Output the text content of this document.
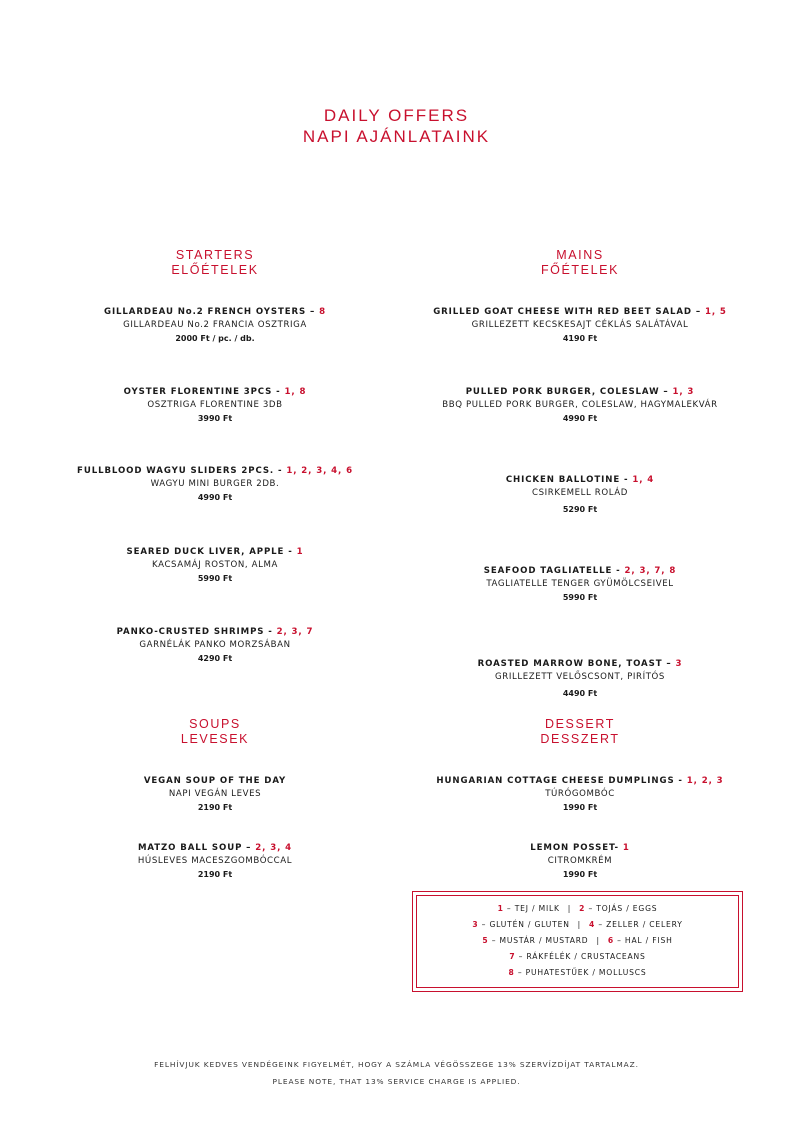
DAILY OFFERS
NAPI AJÁNLATAINK
STARTERS
ELŐÉTELEK
MAINS
FŐÉTELEK
SOUPS
LEVESEK
DESSERT
DESSZERT
GILLARDEAU No.2 FRENCH OYSTERS – 8
GILLARDEAU No.2 FRANCIA OSZTRIGA
2000 Ft / pc. / db.
OYSTER FLORENTINE 3PCS - 1, 8
OSZTRIGA FLORENTINE 3DB
3990 Ft
FULLBLOOD WAGYU SLIDERS 2PCS. - 1, 2, 3, 4, 6
WAGYU MINI BURGER 2DB.
4990 Ft
SEARED DUCK LIVER, APPLE - 1
KACSAMÁJ ROSTON, ALMA
5990 Ft
PANKO-CRUSTED SHRIMPS - 2, 3, 7
GARNÉLÁK PANKO MORZSÁBAN
4290 Ft
GRILLED GOAT CHEESE WITH RED BEET SALAD – 1, 5
GRILLEZETT KECSKESAJT CÉKLÁS SALÁTÁVAL
4190 Ft
PULLED PORK BURGER, COLESLAW – 1, 3
BBQ PULLED PORK BURGER, COLESLAW, HAGYMALEKVÁR
4990 Ft
CHICKEN BALLOTINE - 1, 4
CSIRKEMELL ROLÁD
5290 Ft
SEAFOOD TAGLIATELLE - 2, 3, 7, 8
TAGLIATELLE TENGER GYÜMÖLCSEIVEL
5990 Ft
ROASTED MARROW BONE, TOAST – 3
GRILLEZETT VELŐSCSONT, PIRÍTÓS
4490 Ft
VEGAN SOUP OF THE DAY
NAPI VEGÁN LEVES
2190 Ft
MATZO BALL SOUP – 2, 3, 4
HÚSLEVES MACESZGOMBÓCCAL
2190 Ft
HUNGARIAN COTTAGE CHEESE DUMPLINGS - 1, 2, 3
TÚRÓGOMBÓC
1990 Ft
LEMON POSSET- 1
CITROMKRÉM
1990 Ft
1 – TEJ / MILK | 2 – TOJÁS / EGGS
3 – GLUTÉN / GLUTEN | 4 – ZELLER / CELERY
5 – MUSTÁR / MUSTARD | 6 – HAL / FISH
7 – RÁKFÉLÉK / CRUSTACEANS
8 – PUHATESTŰEK / MOLLUSCS
FELHÍVJUK KEDVES VENDÉGEINK FIGYELMÉT, HOGY A SZÁMLA VÉGÖSSZEGE 13% SZERVÍZDÍJAT TARTALMAZ.
PLEASE NOTE, THAT 13% SERVICE CHARGE IS APPLIED.
